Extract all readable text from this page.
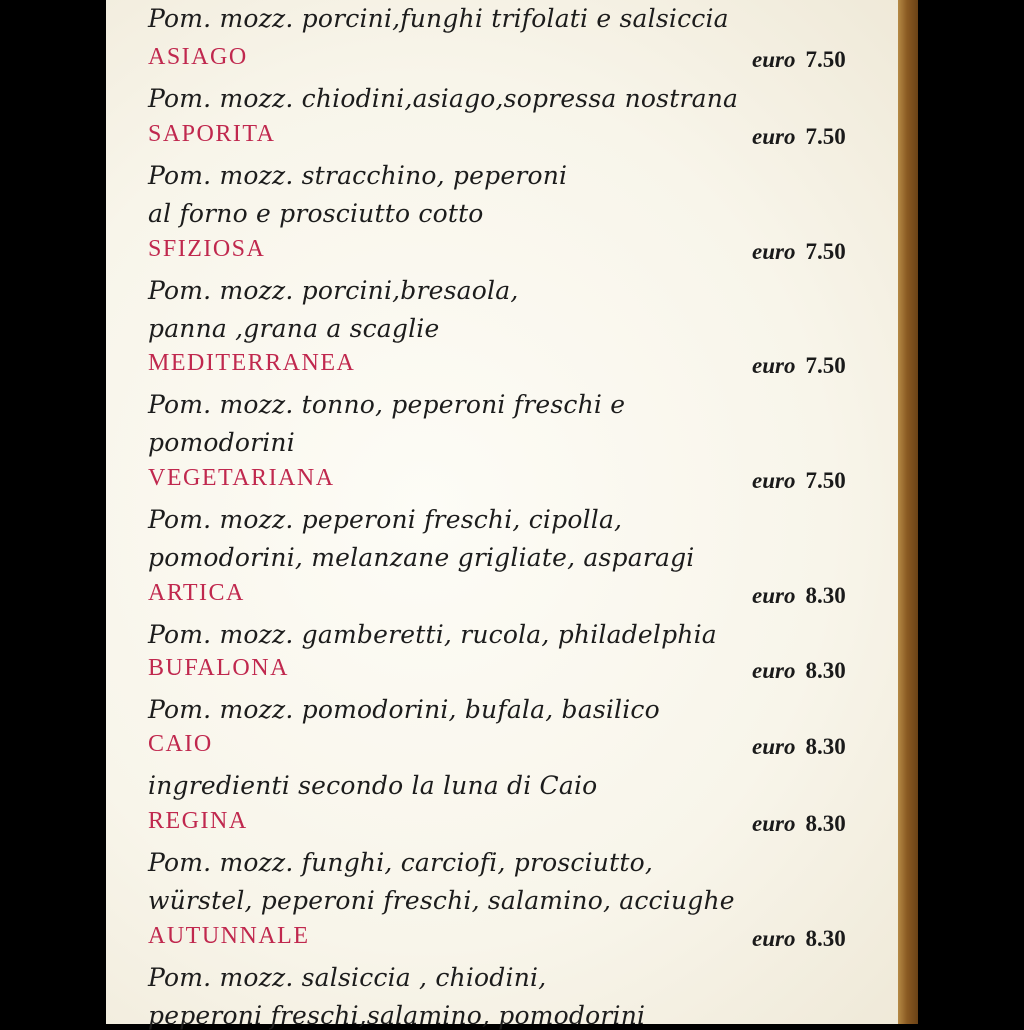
Pom. mozz. porcini,funghi trifolati e salsiccia
ASIAGO	euro 7.50
Pom. mozz. chiodini,asiago,sopressa nostrana
SAPORITA	euro 7.50
Pom. mozz. stracchino, peperoni
al forno e prosciutto cotto
SFIZIOSA	euro 7.50
Pom. mozz. porcini,bresaola,
panna ,grana a scaglie
MEDITERRANEA	euro 7.50
Pom. mozz. tonno, peperoni freschi e
pomodorini
VEGETARIANA	euro 7.50
Pom. mozz. peperoni freschi, cipolla,
pomodorini, melanzane grigliate, asparagi
ARTICA	euro 8.30
Pom. mozz. gamberetti, rucola, philadelphia
BUFALONA	euro 8.30
Pom. mozz. pomodorini, bufala, basilico
CAIO	euro 8.30
ingredienti secondo la luna di Caio
REGINA	euro 8.30
Pom. mozz. funghi, carciofi, prosciutto,
würstel, peperoni freschi, salamino, acciughe
AUTUNNALE	euro 8.30
Pom. mozz. salsiccia , chiodini,
peperoni freschi,salamino, pomodorini
